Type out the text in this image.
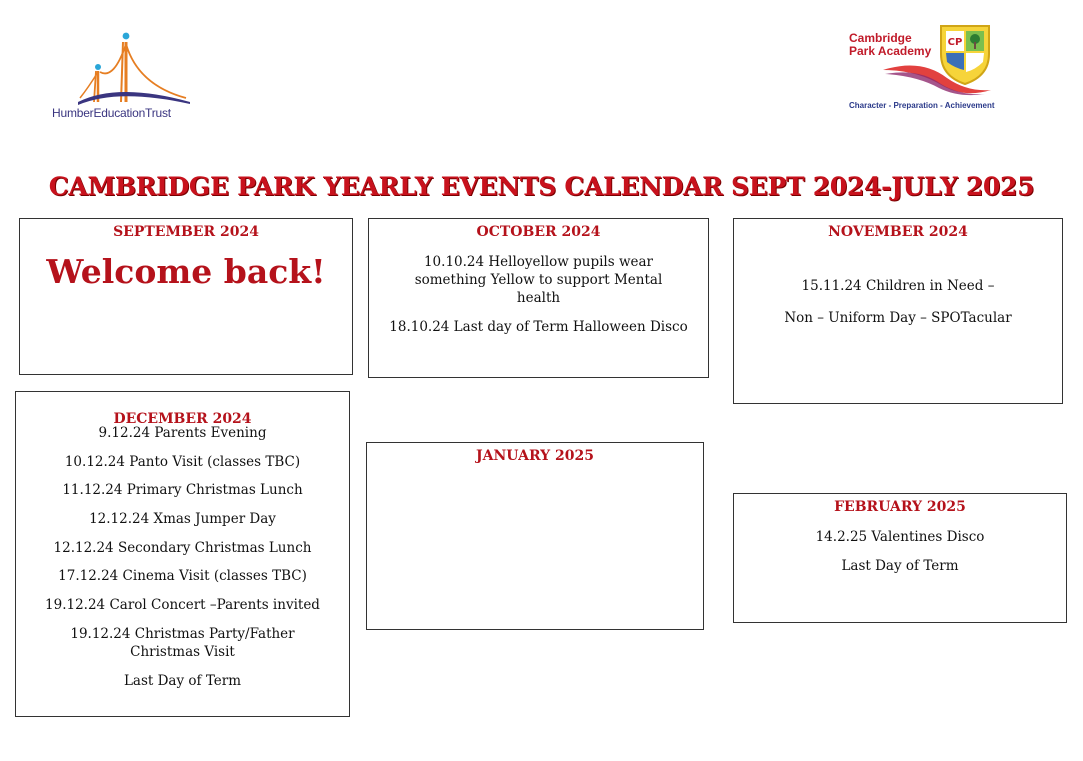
HumberEducationTrust
Cambridge
Park Academy
CP
Character - Preparation - Achievement
CAMBRIDGE PARK YEARLY EVENTS CALENDAR SEPT 2024-JULY 2025
SEPTEMBER 2024
Welcome back!
OCTOBER 2024
10.10.24 Helloyellow pupils wear something Yellow to support Mental health
18.10.24 Last day of Term Halloween Disco
NOVEMBER 2024
15.11.24 Children in Need –
Non – Uniform Day – SPOTacular
DECEMBER 2024
9.12.24 Parents Evening
10.12.24 Panto Visit (classes TBC)
11.12.24 Primary Christmas Lunch
12.12.24 Xmas Jumper Day
12.12.24 Secondary Christmas Lunch
17.12.24 Cinema Visit (classes TBC)
19.12.24 Carol Concert –Parents invited
19.12.24 Christmas Party/Father Christmas Visit
Last Day of Term
JANUARY 2025
FEBRUARY 2025
14.2.25 Valentines Disco
Last Day of Term
